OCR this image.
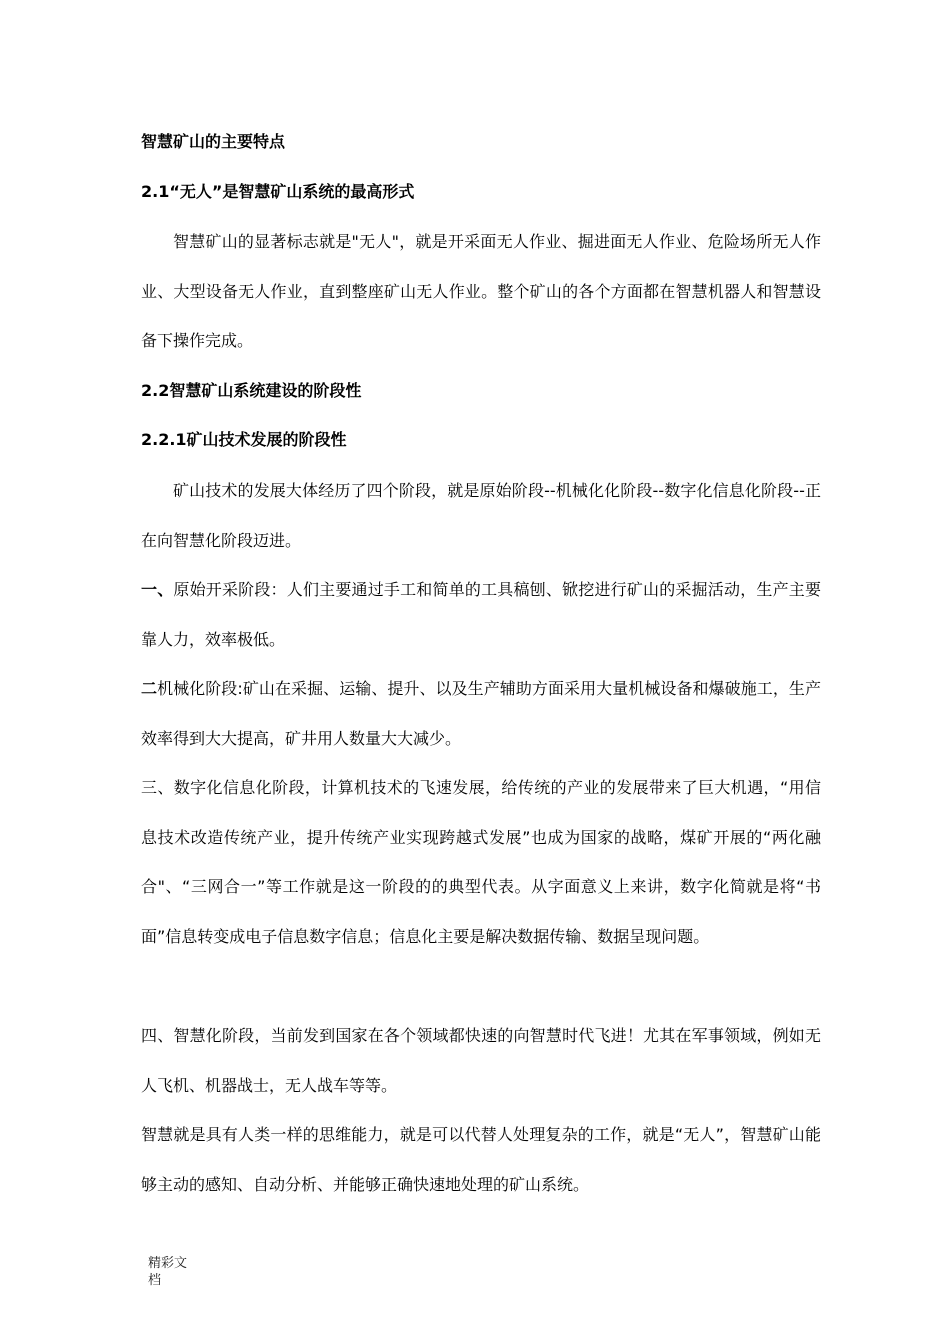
智慧矿山的主要特点
2.1“无人”是智慧矿山系统的最高形式

智慧矿山的显著标志就是"无人"，就是开采面无人作业、掘进面无人作业、危险场所无人作业、大型设备无人作业，直到整座矿山无人作业。整个矿山的各个方面都在智慧机器人和智慧设备下操作完成。

2.2智慧矿山系统建设的阶段性
2.2.1矿山技术发展的阶段性

矿山技术的发展大体经历了四个阶段，就是原始阶段--机械化化阶段--数字化信息化阶段--正在向智慧化阶段迈进。

一、原始开采阶段：人们主要通过手工和简单的工具稿刨、锨挖进行矿山的采掘活动，生产主要靠人力，效率极低。

二机械化阶段:矿山在采掘、运输、提升、以及生产辅助方面采用大量机械设备和爆破施工，生产效率得到大大提高，矿井用人数量大大减少。

三、数字化信息化阶段，计算机技术的飞速发展，给传统的产业的发展带来了巨大机遇，“用信息技术改造传统产业，提升传统产业实现跨越式发展”也成为国家的战略，煤矿开展的“两化融合"、“三网合一”等工作就是这一阶段的的典型代表。从字面意义上来讲，数字化简就是将“书面”信息转变成电子信息数字信息；信息化主要是解决数据传输、数据呈现问题。

四、智慧化阶段，当前发到国家在各个领域都快速的向智慧时代飞进！尤其在军事领域，例如无人飞机、机器战士，无人战车等等。

智慧就是具有人类一样的思维能力，就是可以代替人处理复杂的工作，就是“无人”，智慧矿山能够主动的感知、自动分析、并能够正确快速地处理的矿山系统。

精彩文档
